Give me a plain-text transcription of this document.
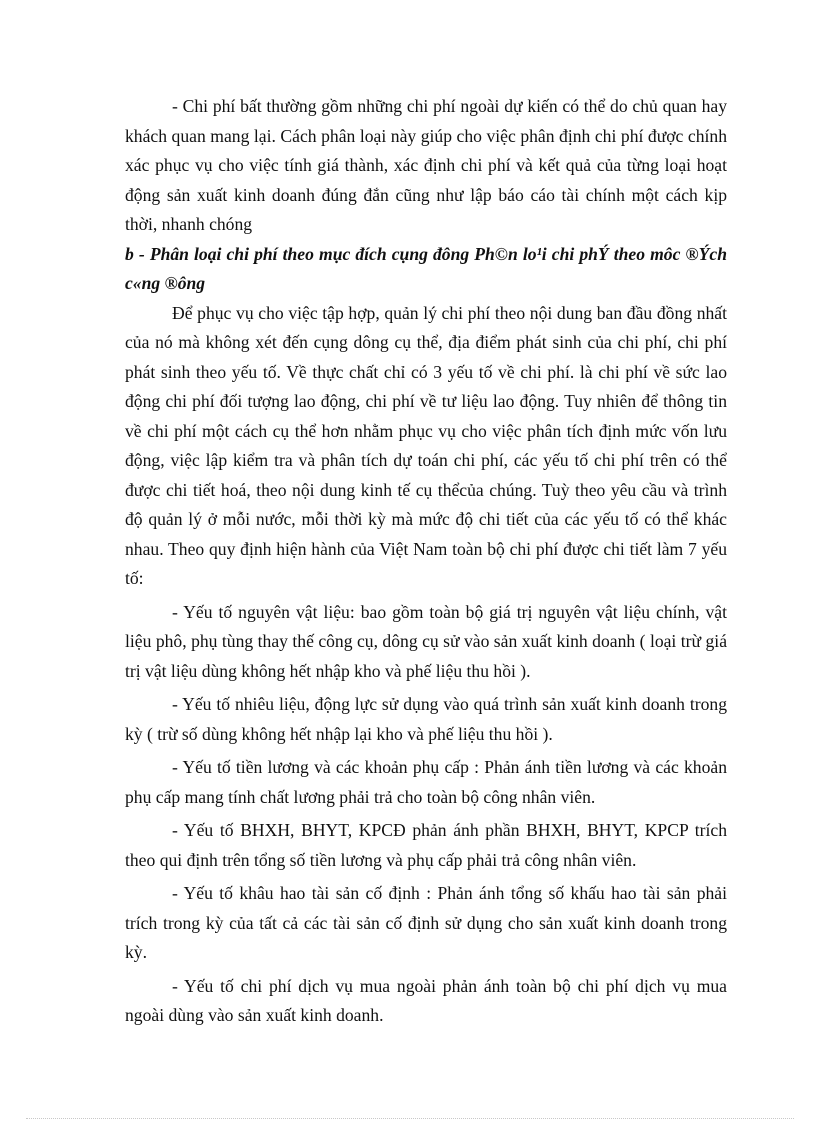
- Chi phí bất thường gồm những chi phí ngoài dự kiến có thể do chủ quan hay khách quan mang lại. Cách phân loại này giúp cho việc phân định chi phí được chính xác phục vụ cho việc tính giá thành, xác định chi phí và kết quả của từng loại hoạt động sản xuất kinh doanh đúng đắn cũng như lập báo cáo tài chính một cách kịp thời, nhanh chóng

b - Phân loại chi phí theo mục đích cụng đông Ph©n lo¹i chi phÝ theo môc ®Ých c«ng ®ông

Để phục vụ cho việc tập hợp, quản lý chi phí theo nội dung ban đầu đồng nhất của nó mà không xét đến cụng dông cụ thể, địa điểm phát sinh của chi phí, chi phí phát sinh theo yếu tố. Về thực chất chỉ có 3 yếu tố về chi phí. là chi phí về sức lao động chi phí đối tượng lao động, chi phí về tư liệu lao động. Tuy nhiên để thông tin về chi phí một cách cụ thể hơn nhằm phục vụ cho việc phân tích định mức vốn lưu động, việc lập kiểm tra và phân tích dự toán chi phí, các yếu tố chi phí trên có thể được chi tiết hoá, theo nội dung kinh tế cụ thểcủa chúng. Tuỳ theo yêu cầu và trình độ quản lý ở mỗi nước, mỗi thời kỳ mà mức độ chi tiết của các yếu tố có thể khác nhau. Theo quy định hiện hành của Việt Nam toàn bộ chi phí được chi tiết làm 7 yếu tố:

- Yếu tố nguyên vật liệu: bao gồm toàn bộ giá trị nguyên vật liệu chính, vật liệu phô, phụ tùng thay thế công cụ, dông cụ sử vào sản xuất kinh doanh ( loại trừ giá trị vật liệu dùng không hết nhập kho và phế liệu thu hồi ).

- Yếu tố nhiêu liệu, động lực sử dụng vào quá trình sản xuất kinh doanh trong kỳ ( trừ số dùng không hết nhập lại kho và phế liệu thu hồi ).

- Yếu tố tiền lương và các khoản phụ cấp : Phản ánh tiền lương và các khoản phụ cấp mang tính chất lương phải trả cho toàn bộ công nhân viên.

- Yếu tố BHXH, BHYT, KPCĐ phản ánh phần BHXH, BHYT, KPCP trích theo qui định trên tổng số tiền lương và phụ cấp phải trả công nhân viên.

- Yếu tố khâu hao tài sản cố định : Phản ánh tổng số khấu hao tài sản phải trích trong kỳ của tất cả các tài sản cố định sử dụng cho sản xuất kinh doanh trong kỳ.

- Yếu tố chi phí dịch vụ mua ngoài phản ánh toàn bộ chi phí dịch vụ mua ngoài dùng vào sản xuất kinh doanh.
